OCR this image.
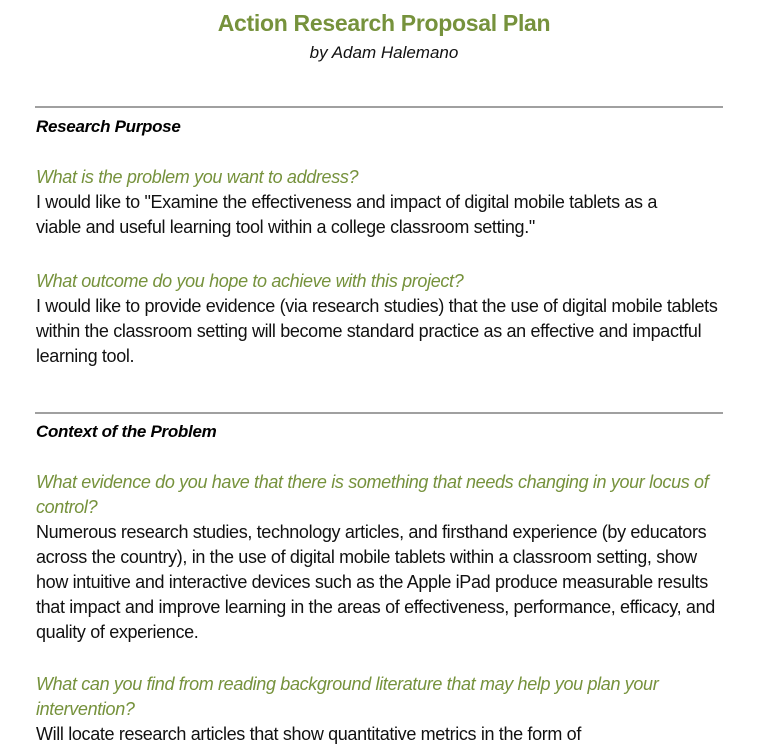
Action Research Proposal Plan
by Adam Halemano
Research Purpose
What is the problem you want to address?
I would like to "Examine the effectiveness and impact of digital mobile tablets as a viable and useful learning tool within a college classroom setting."
What outcome do you hope to achieve with this project?
I would like to provide evidence (via research studies) that the use of digital mobile tablets within the classroom setting will become standard practice as an effective and impactful learning tool.
Context of the Problem
What evidence do you have that there is something that needs changing in your locus of control?
Numerous research studies, technology articles, and firsthand experience (by educators across the country), in the use of digital mobile tablets within a classroom setting, show how intuitive and interactive devices such as the Apple iPad produce measurable results that impact and improve learning in the areas of effectiveness, performance, efficacy, and quality of experience.
What can you find from reading background literature that may help you plan your intervention?
Will locate research articles that show quantitative metrics in the form of
